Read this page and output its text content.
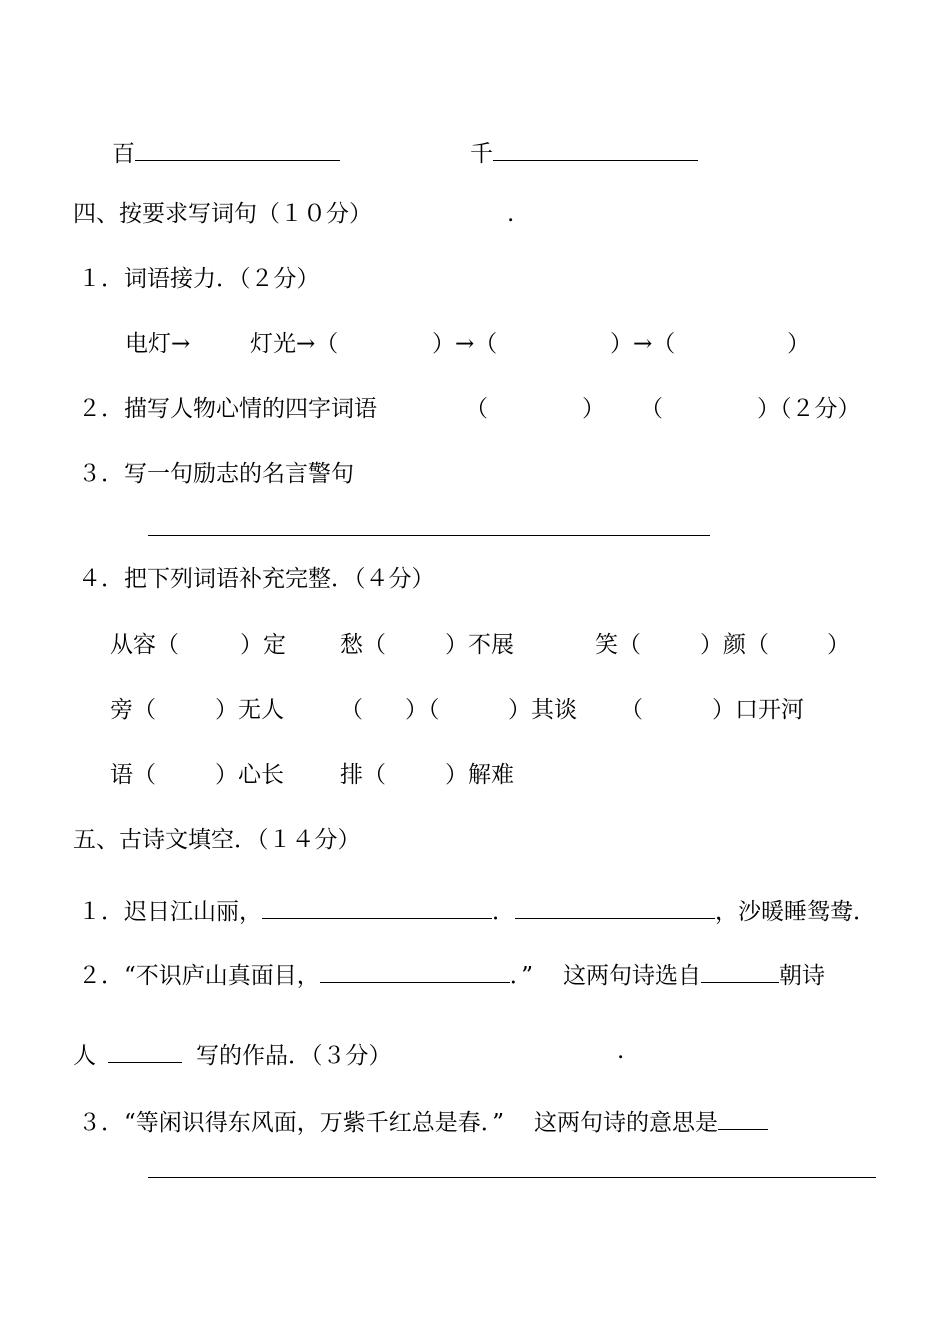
百	千
四、按要求写词句（１０分）	.
１．词语接力．（２分）
电灯→	灯光→（	）→（	）→（	）
２．描写人物心情的四字词语	（	） （	）（２分）
３．写一句励志的名言警句
４．把下列词语补充完整．（４分）
从容（	）定 愁（	）不展	笑（	）颜（	）
旁（	）无人 （ ）（	）其谈 （	）口开河
语（	）心长 排（	）解难
五、古诗文填空．（１４分）
１．迟日江山丽，	．	，沙暖睡鸳鸯．
２．“不识庐山真面目，	．” 这两句诗选自	朝诗
人	写的作品．（３分）	.
３．“等闲识得东风面，万紫千红总是春．” 这两句诗的意思是
